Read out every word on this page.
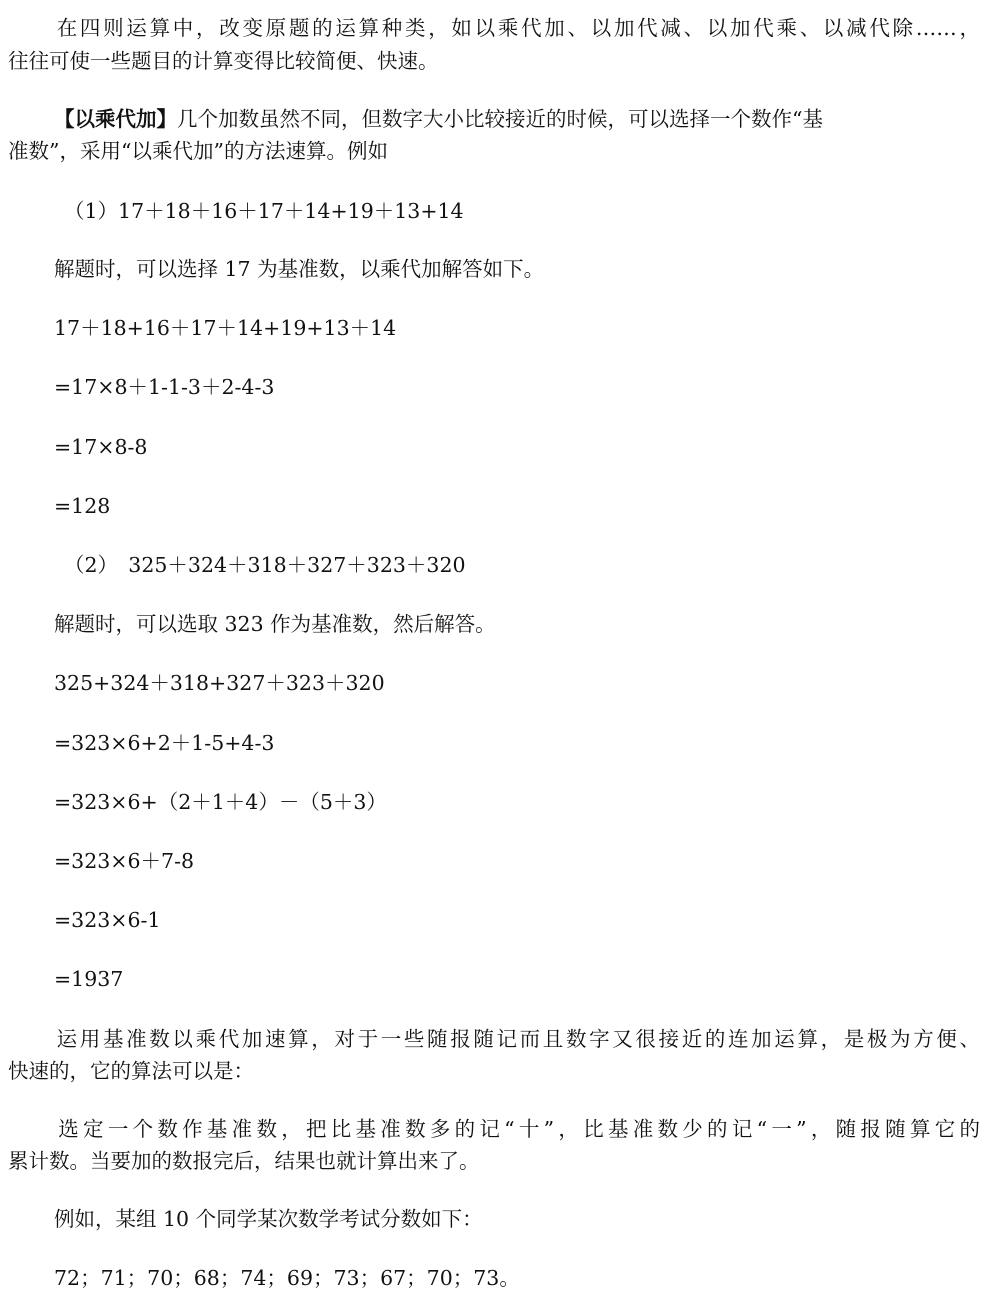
在四则运算中，改变原题的运算种类，如以乘代加、以加代减、以加代乘、以减代除……，
往往可使一些题目的计算变得比较简便、快速。
【以乘代加】几个加数虽然不同，但数字大小比较接近的时候，可以选择一个数作“基
准数”，采用“以乘代加”的方法速算。例如
（1）17＋18＋16＋17＋14+19＋13+14
解题时，可以选择 17 为基准数，以乘代加解答如下。
17＋18+16＋17＋14+19+13＋14
=17×8＋1-1-3＋2-4-3
=17×8-8
=128
（2）　325＋324＋318＋327＋323＋320
解题时，可以选取 323 作为基准数，然后解答。
325+324＋318+327＋323＋320
=323×6+2＋1-5+4-3
=323×6+（2＋1＋4）－（5＋3）
=323×6＋7-8
=323×6-1
=1937
运用基准数以乘代加速算，对于一些随报随记而且数字又很接近的连加运算，是极为方便、
快速的，它的算法可以是：
选定一个数作基准数，把比基准数多的记“十”，比基准数少的记“一”，随报随算它的
累计数。当要加的数报完后，结果也就计算出来了。
例如，某组 10 个同学某次数学考试分数如下：
72；71；70；68；74；69；73；67；70；73。
